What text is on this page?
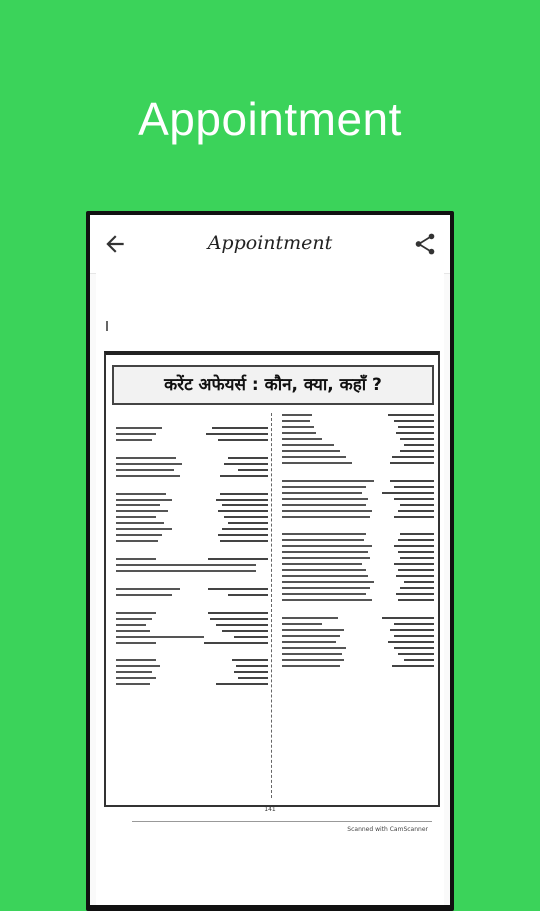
Appointment
Appointment
करेंट अफेयर्स : कौन, क्या, कहाँ ?

141
Scanned with CamScanner
